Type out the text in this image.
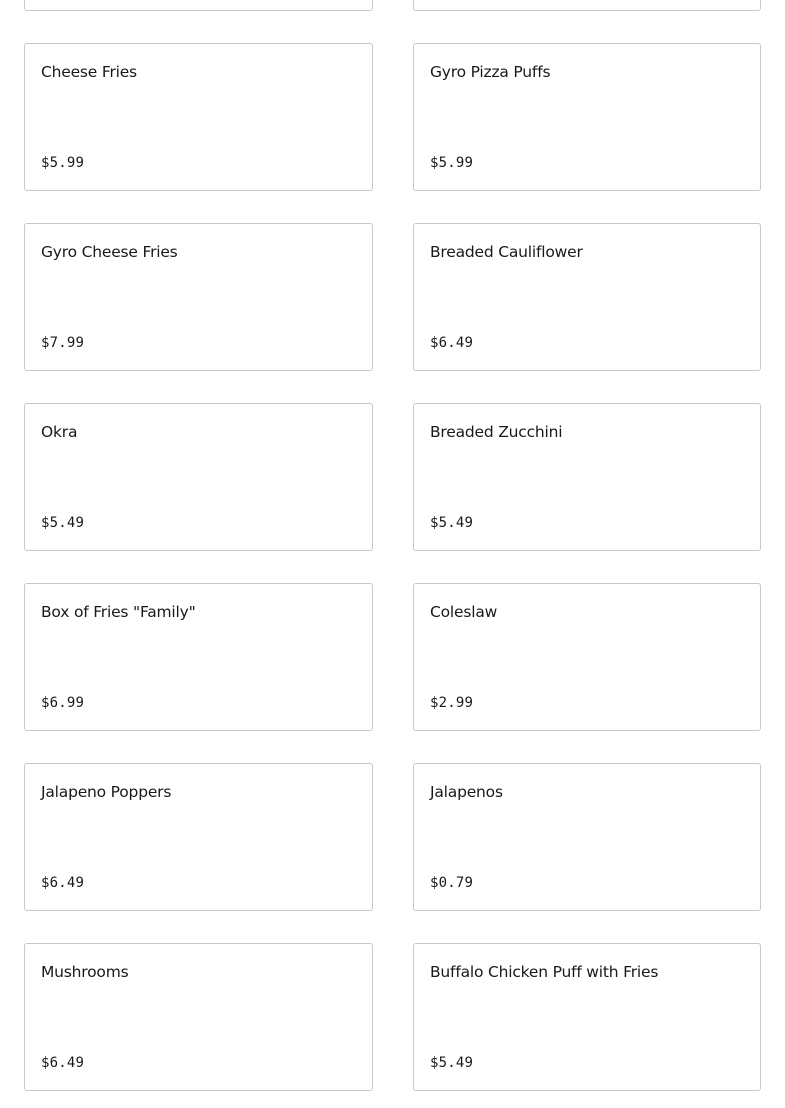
Cheese Fries
$5.99
Gyro Pizza Puffs
$5.99
Gyro Cheese Fries
$7.99
Breaded Cauliflower
$6.49
Okra
$5.49
Breaded Zucchini
$5.49
Box of Fries "Family"
$6.99
Coleslaw
$2.99
Jalapeno Poppers
$6.49
Jalapenos
$0.79
Mushrooms
$6.49
Buffalo Chicken Puff with Fries
$5.49
